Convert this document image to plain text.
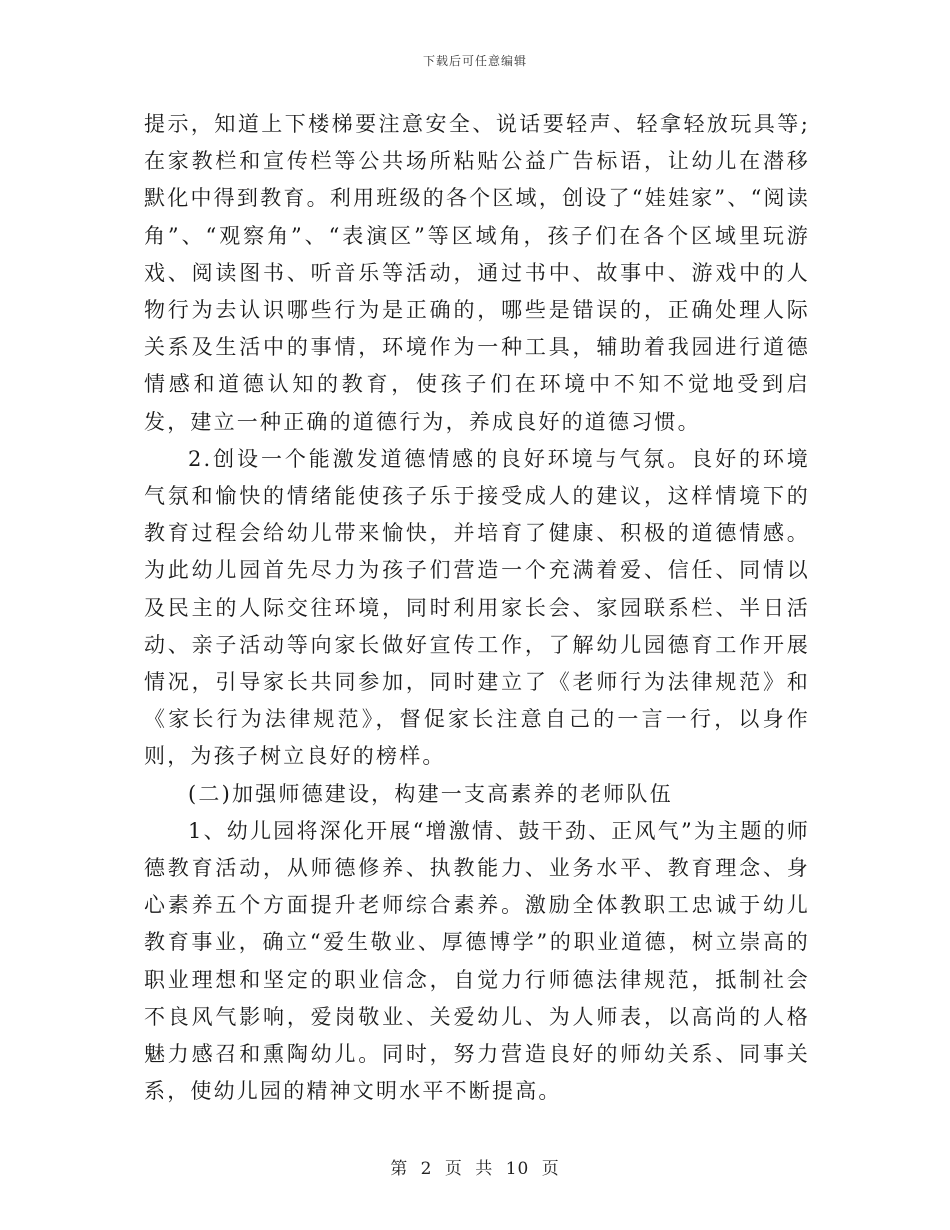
下载后可任意编辑

提示，知道上下楼梯要注意安全、说话要轻声、轻拿轻放玩具等;在家教栏和宣传栏等公共场所粘贴公益广告标语，让幼儿在潜移默化中得到教育。利用班级的各个区域，创设了“娃娃家”、“阅读角”、“观察角”、“表演区”等区域角，孩子们在各个区域里玩游戏、阅读图书、听音乐等活动，通过书中、故事中、游戏中的人物行为去认识哪些行为是正确的，哪些是错误的，正确处理人际关系及生活中的事情，环境作为一种工具，辅助着我园进行道德情感和道德认知的教育，使孩子们在环境中不知不觉地受到启发，建立一种正确的道德行为，养成良好的道德习惯。

2.创设一个能激发道德情感的良好环境与气氛。良好的环境气氛和愉快的情绪能使孩子乐于接受成人的建议，这样情境下的教育过程会给幼儿带来愉快，并培育了健康、积极的道德情感。为此幼儿园首先尽力为孩子们营造一个充满着爱、信任、同情以及民主的人际交往环境，同时利用家长会、家园联系栏、半日活动、亲子活动等向家长做好宣传工作，了解幼儿园德育工作开展情况，引导家长共同参加，同时建立了《老师行为法律规范》和《家长行为法律规范》，督促家长注意自己的一言一行，以身作则，为孩子树立良好的榜样。

(二)加强师德建设，构建一支高素养的老师队伍

1、幼儿园将深化开展“增激情、鼓干劲、正风气”为主题的师德教育活动，从师德修养、执教能力、业务水平、教育理念、身心素养五个方面提升老师综合素养。激励全体教职工忠诚于幼儿教育事业，确立“爱生敬业、厚德博学”的职业道德，树立崇高的职业理想和坚定的职业信念，自觉力行师德法律规范，抵制社会不良风气影响，爱岗敬业、关爱幼儿、为人师表，以高尚的人格魅力感召和熏陶幼儿。同时，努力营造良好的师幼关系、同事关系，使幼儿园的精神文明水平不断提高。

第 2 页 共 10 页
